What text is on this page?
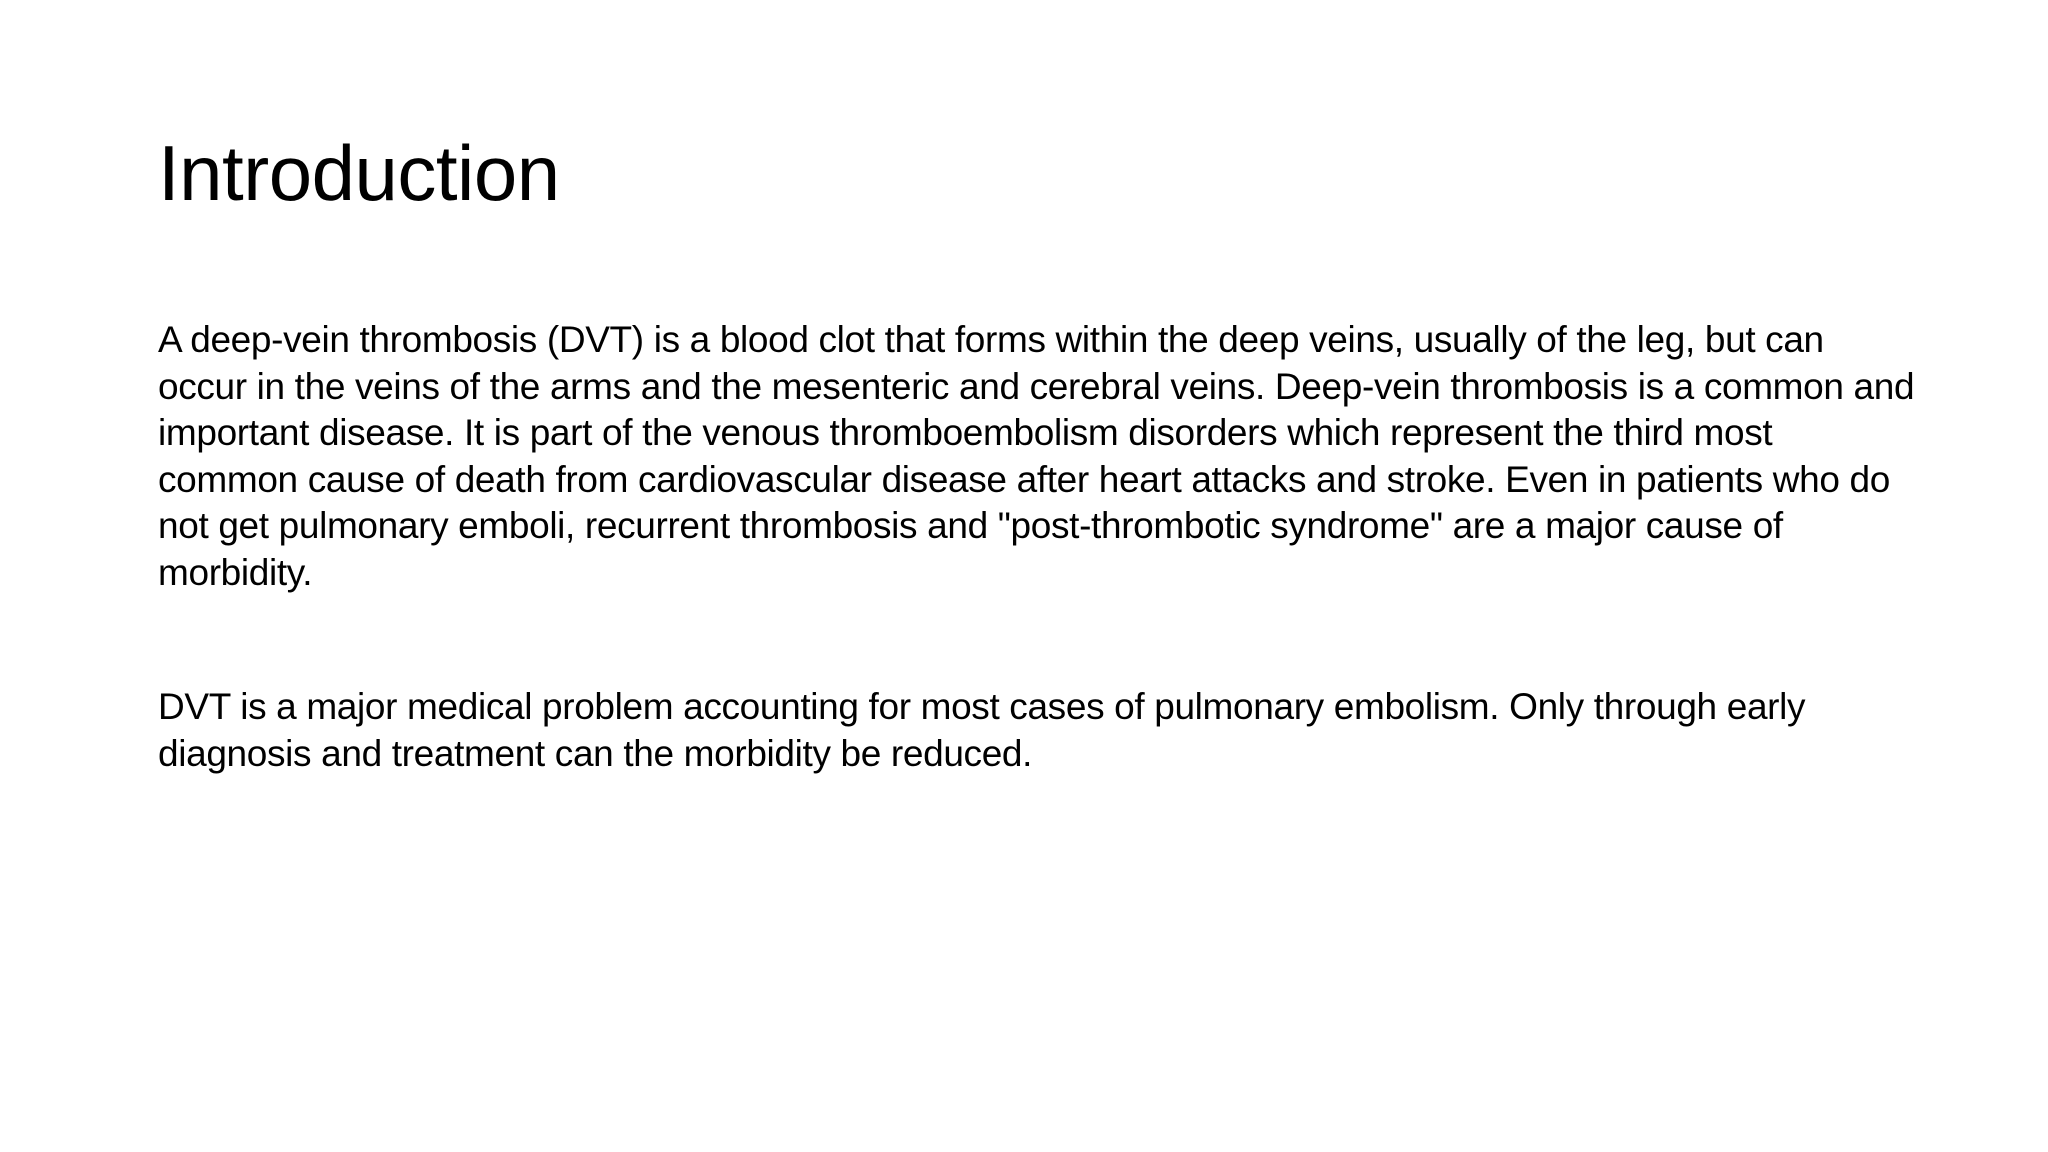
Introduction

A deep-vein thrombosis (DVT) is a blood clot that forms within the deep veins, usually of the leg, but can occur in the veins of the arms and the mesenteric and cerebral veins. Deep-vein thrombosis is a common and important disease. It is part of the venous thromboembolism disorders which represent the third most common cause of death from cardiovascular disease after heart attacks and stroke. Even in patients who do not get pulmonary emboli, recurrent thrombosis and "post-thrombotic syndrome" are a major cause of morbidity.

DVT is a major medical problem accounting for most cases of pulmonary embolism. Only through early diagnosis and treatment can the morbidity be reduced.
